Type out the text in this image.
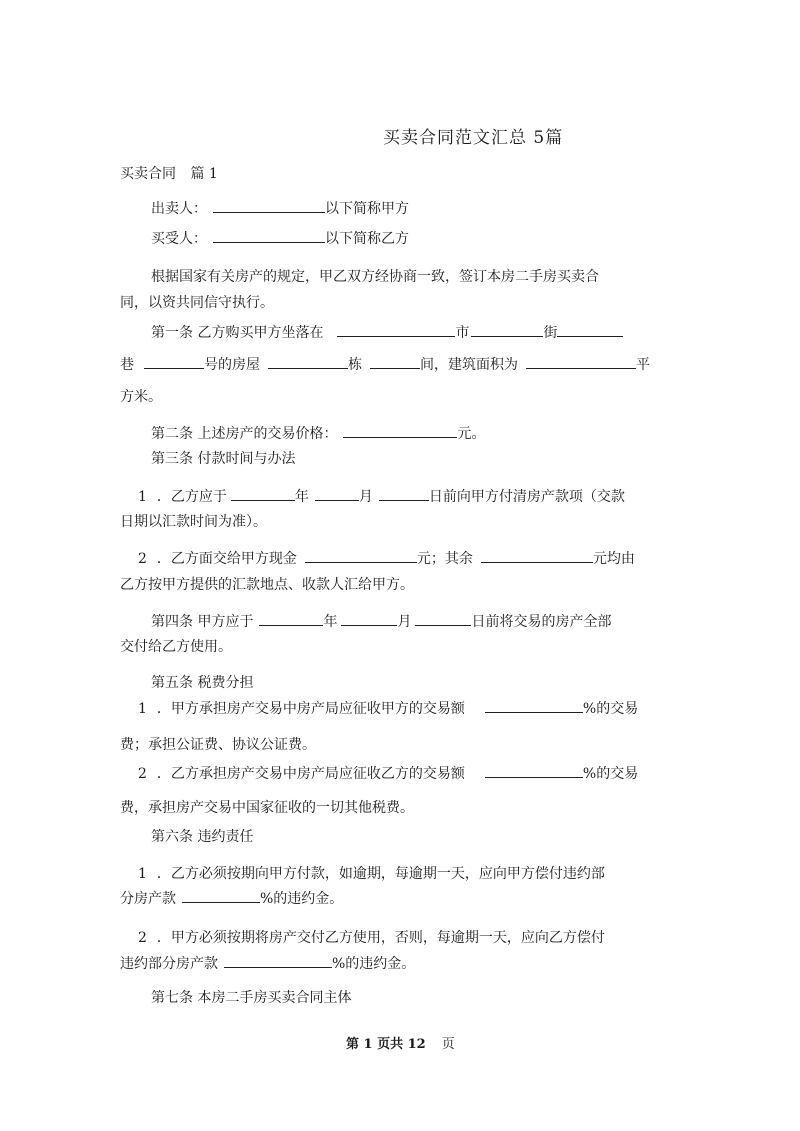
买卖合同范文汇总 5篇
买卖合同 篇 1
出卖人：	以下简称甲方
买受人：	以下简称乙方
根据国家有关房产的规定，甲乙双方经协商一致，签订本房二手房买卖合
同，以资共同信守执行。
第一条 乙方购买甲方坐落在	市	街
巷	号的房屋	栋	间，建筑面积为	平
方米。
第二条 上述房产的交易价格：	元。
第三条 付款时间与办法
1 ．乙方应于	年	月	日前向甲方付清房产款项（交款
日期以汇款时间为准）。
2 ．乙方面交给甲方现金	元；其余	元均由
乙方按甲方提供的汇款地点、收款人汇给甲方。
第四条 甲方应于	年	月	日前将交易的房产全部
交付给乙方使用。
第五条 税费分担
1 ．甲方承担房产交易中房产局应征收甲方的交易额	%的交易
费；承担公证费、协议公证费。
2 ．乙方承担房产交易中房产局应征收乙方的交易额	%的交易
费，承担房产交易中国家征收的一切其他税费。
第六条 违约责任
1 ．乙方必须按期向甲方付款，如逾期，每逾期一天，应向甲方偿付违约部
分房产款	%的违约金。
2 ．甲方必须按期将房产交付乙方使用，否则，每逾期一天，应向乙方偿付
违约部分房产款	%的违约金。
第七条 本房二手房买卖合同主体
第 1 页共 12 页
